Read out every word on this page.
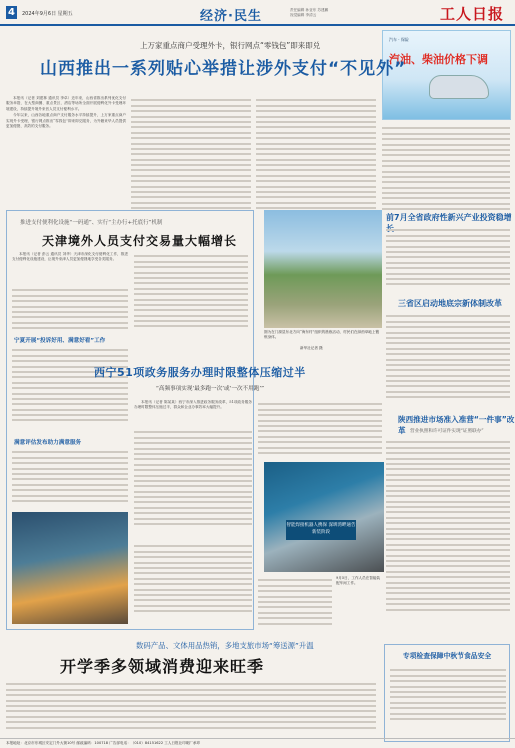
4	2024年9月6日 星期五	经济·民生	责任编辑 孙亚东 苏建鹏
视觉编辑 李清云	工人日报
汽车 · 保险
汽油、柴油价格下调
上万家重点商户受理外卡，银行网点“零钱包”即来即兑
山西推出一系列贴心举措让涉外支付“不见外”

本报讯（记者 刘建林 通讯员 李卓）近年来，山西省推出系列优化支付服务举措，在大型商圈、重点景区、酒店等场所全面开展便利化外卡受理环境建设，持续提升境外来晋人员支付便利水平。

今年以来，山西各地重点商户支付服务水平持续提升，上万家重点商户实现外卡受理，银行网点推出“零钱包”即来即兑服务，为外籍来华人员提供更加便捷、高效的支付服务。

推进支付便利化设施“一码通”、实行“主办行+托底行”机制
天津境外人员支付交易量大幅增长

本报讯（记者 彭云 通讯员 刘华）天津市深化支付便利化工作，推进支付便利化设施建设，让境外来津人员更加便捷地享受各类服务。

宁夏开展“投诉好用、满意好看”工作
西宁51项政务服务办理时限整体压缩过半
“高频事项实现‘最多跑一次’或‘一次不用跑’”

本报讯（记者 陈某某）西宁市深入推进政务服务改革，51项政务服务办理时限整体压缩过半，群众和企业办事效率大幅提升。

满意评估发布助力满意服务
图为在门源县东北方向“海东村”组织的晨练活动，村民们在绿茵草地上锻炼身体。
新华社记者 摄
前7月全省政府性新兴产业投资稳增
三省区启动地底宗新体制改革
陕西推进市场准入准营“一件事”改革 营业执照和许可证件实现“证照联办”
智能焊接机器人携保 深圳湾畔通告新装阶段
9月5日，工作人员在智能装配车间工作。
数码产品、文体用品热销，多地支旅市场“筹送源”升温
开学季多领域消费迎来旺季
专项检查保障中秋节食品安全
本报地址：北京市东城区安定门外大街10号 邮政编码：100718 广告部电话：（010）84151622 工人日报社印刷厂承印
